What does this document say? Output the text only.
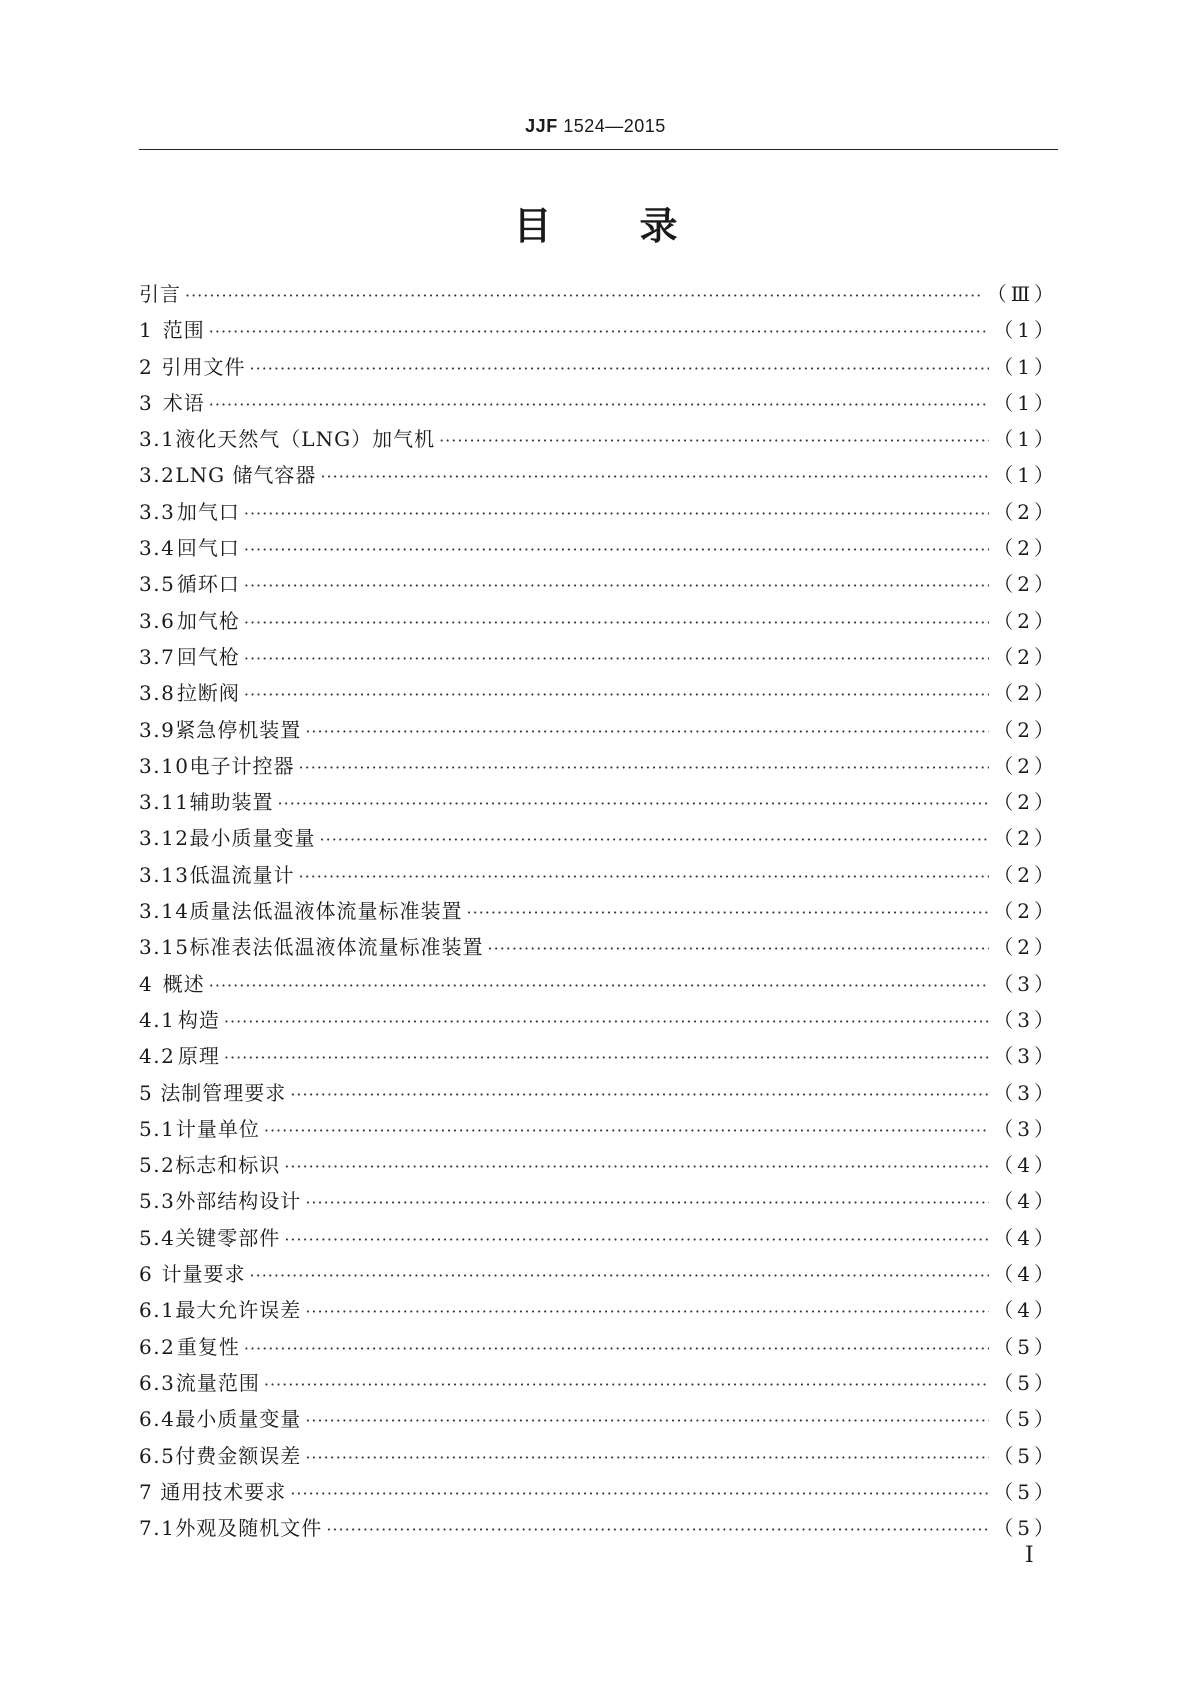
JJF 1524—2015
目录
引言 ·····	（Ⅲ）
1 范围 ·····	（1）
2 引用文件 ·····	（1）
3 术语 ·····	（1）
3.1 液化天然气（LNG）加气机 ·····	（1）
3.2 LNG 储气容器 ·····	（1）
3.3 加气口 ·····	（2）
3.4 回气口 ·····	（2）
3.5 循环口 ·····	（2）
3.6 加气枪 ·····	（2）
3.7 回气枪 ·····	（2）
3.8 拉断阀 ·····	（2）
3.9 紧急停机装置 ·····	（2）
3.10 电子计控器 ·····	（2）
3.11 辅助装置 ·····	（2）
3.12 最小质量变量 ·····	（2）
3.13 低温流量计 ·····	（2）
3.14 质量法低温液体流量标准装置 ·····	（2）
3.15 标准表法低温液体流量标准装置 ·····	（2）
4 概述 ·····	（3）
4.1 构造 ·····	（3）
4.2 原理 ·····	（3）
5 法制管理要求 ·····	（3）
5.1 计量单位 ·····	（3）
5.2 标志和标识 ·····	（4）
5.3 外部结构设计 ·····	（4）
5.4 关键零部件 ·····	（4）
6 计量要求 ·····	（4）
6.1 最大允许误差 ·····	（4）
6.2 重复性 ·····	（5）
6.3 流量范围 ·····	（5）
6.4 最小质量变量 ·····	（5）
6.5 付费金额误差 ·····	（5）
7 通用技术要求 ·····	（5）
7.1 外观及随机文件 ·····	（5）
I
